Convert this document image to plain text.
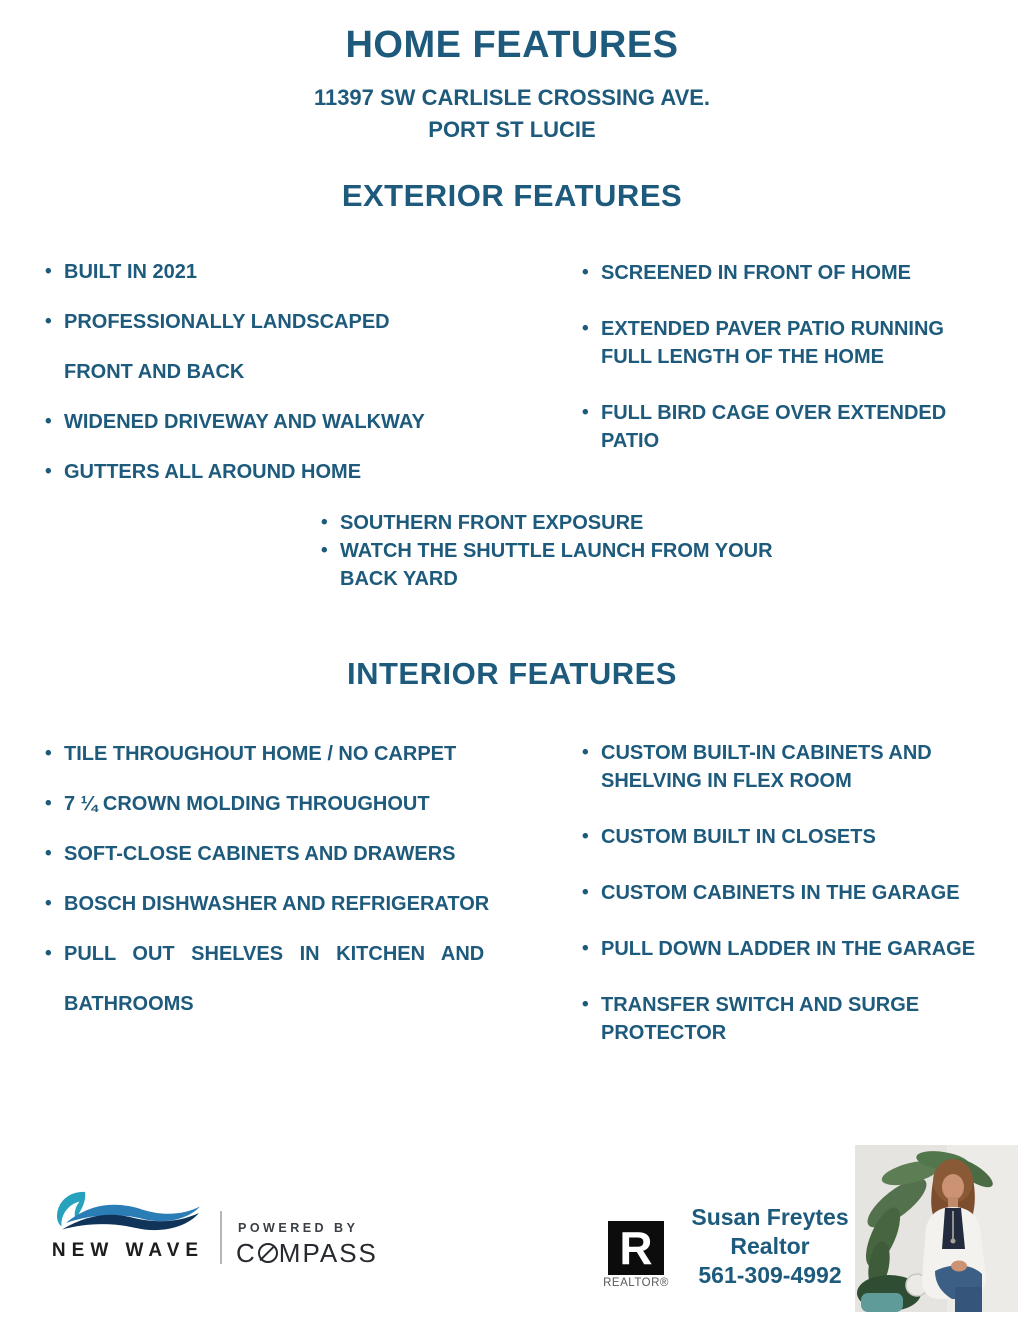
HOME FEATURES
11397 SW CARLISLE CROSSING AVE.
PORT ST LUCIE
EXTERIOR FEATURES
• BUILT IN 2021
• PROFESSIONALLY LANDSCAPED
FRONT AND BACK
• WIDENED DRIVEWAY AND WALKWAY
• GUTTERS ALL AROUND HOME
• SCREENED IN FRONT OF HOME
• EXTENDED PAVER PATIO RUNNING
FULL LENGTH OF THE HOME
• FULL BIRD CAGE OVER EXTENDED
PATIO
• SOUTHERN FRONT EXPOSURE
• WATCH THE SHUTTLE LAUNCH FROM YOUR
BACK YARD
INTERIOR FEATURES
• TILE THROUGHOUT HOME / NO CARPET
• 7 ¼ CROWN MOLDING THROUGHOUT
• SOFT-CLOSE CABINETS AND DRAWERS
• BOSCH DISHWASHER AND REFRIGERATOR
• PULL OUT SHELVES IN KITCHEN AND
BATHROOMS
• CUSTOM BUILT-IN CABINETS AND
SHELVING IN FLEX ROOM
• CUSTOM BUILT IN CLOSETS
• CUSTOM CABINETS IN THE GARAGE
• PULL DOWN LADDER IN THE GARAGE
• TRANSFER SWITCH AND SURGE
PROTECTOR
NEW WAVE
POWERED BY
C MPASS	R
REALTOR®
Susan Freytes
Realtor
561-309-4992
